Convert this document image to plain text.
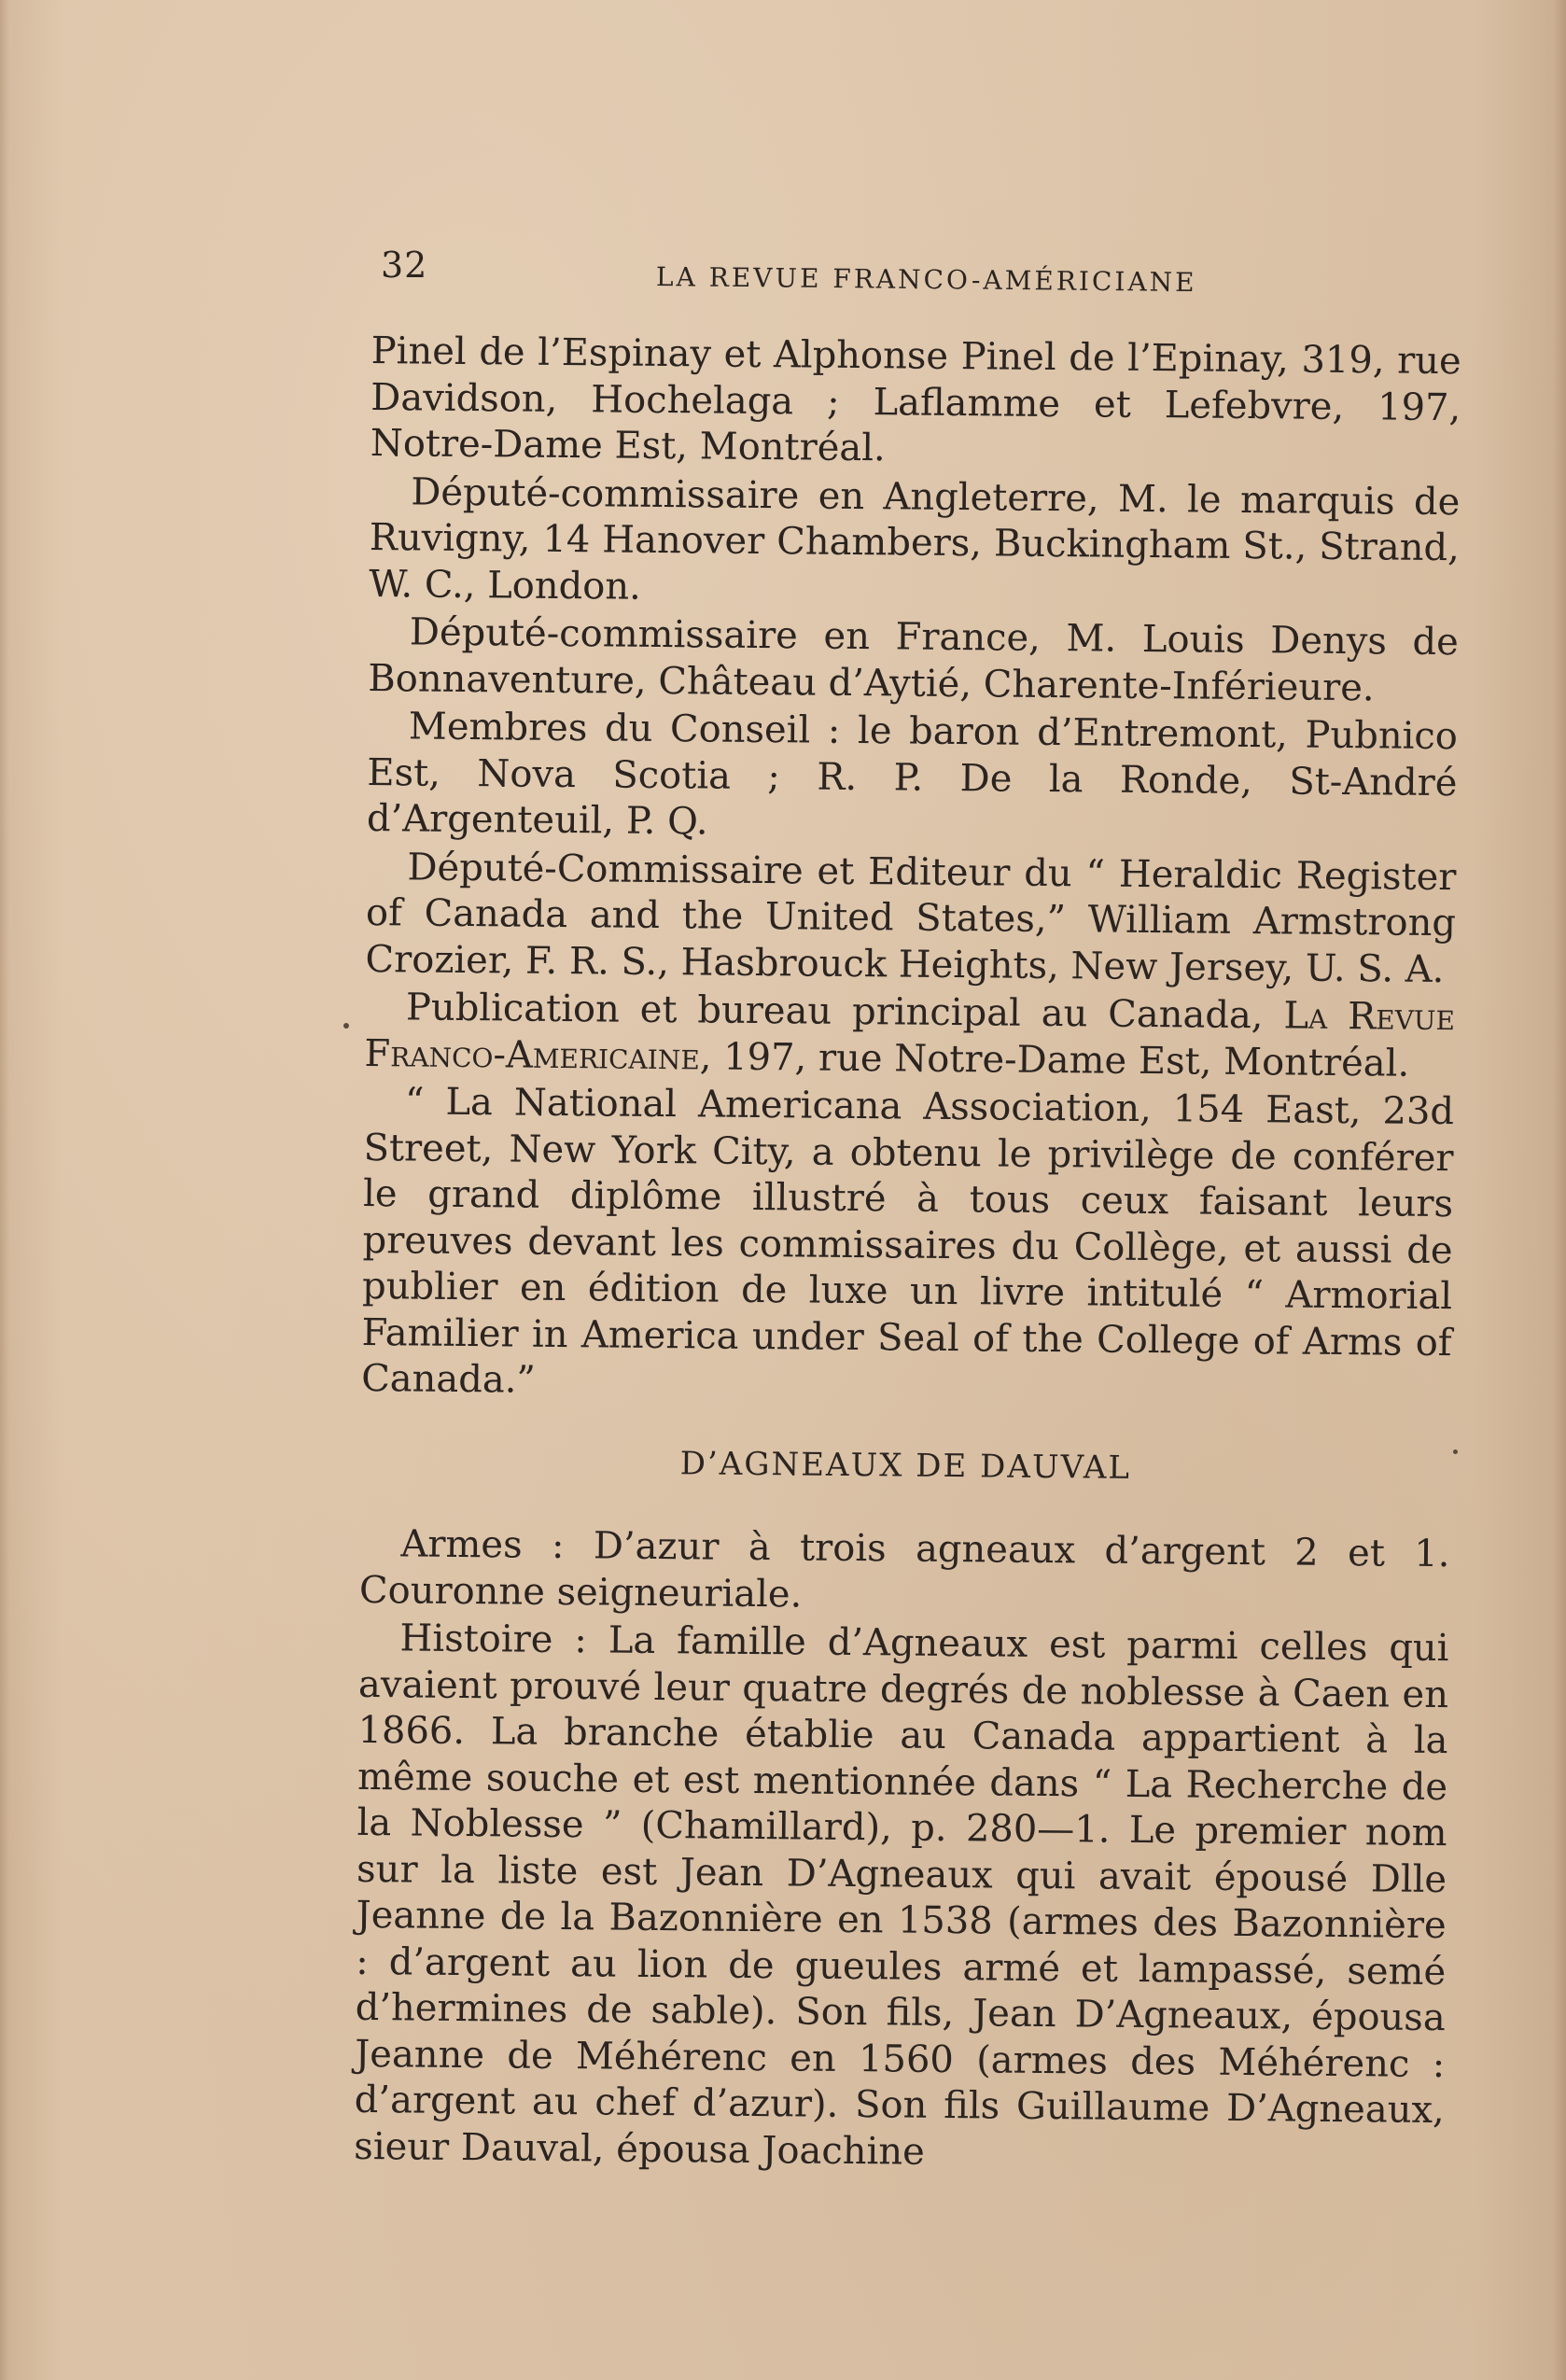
32	LA REVUE FRANCO-AMÉRICIANE

Pinel de l’Espinay et Alphonse Pinel de l’Epinay, 319, rue Davidson, Hochelaga ; Laflamme et Lefebvre, 197, Notre-Dame Est, Montréal.

Député-commissaire en Angleterre, M. le marquis de Ruvigny, 14 Hanover Chambers, Buckingham St., Strand, W. C., London.

Député-commissaire en France, M. Louis Denys de Bonnaventure, Château d’Aytié, Charente-Inférieure.

Membres du Conseil : le baron d’Entremont, Pubnico Est, Nova Scotia ; R. P. De la Ronde, St-André d’Argenteuil, P. Q.

Député-Commissaire et Editeur du “ Heraldic Register of Canada and the United States,” William Armstrong Crozier, F. R. S., Hasbrouck Heights, New Jersey, U. S. A.

Publication et bureau principal au Canada, La Revue Franco-Americaine, 197, rue Notre-Dame Est, Montréal.

“ La National Americana Association, 154 East, 23d Street, New York City, a obtenu le privilège de conférer le grand diplôme illustré à tous ceux faisant leurs preuves devant les commissaires du Collège, et aussi de publier en édition de luxe un livre intitulé “ Armorial Familier in America under Seal of the College of Arms of Canada.”

D’AGNEAUX DE DAUVAL

Armes : D’azur à trois agneaux d’argent 2 et 1. Couronne seigneuriale.

Histoire : La famille d’Agneaux est parmi celles qui avaient prouvé leur quatre degrés de noblesse à Caen en 1866. La branche établie au Canada appartient à la même souche et est mentionnée dans “ La Recherche de la Noblesse ” (Chamillard), p. 280—1. Le premier nom sur la liste est Jean D’Agneaux qui avait épousé Dlle Jeanne de la Bazonnière en 1538 (armes des Bazonnière : d’argent au lion de gueules armé et lampassé, semé d’hermines de sable). Son fils, Jean D’Agneaux, épousa Jeanne de Méhérenc en 1560 (armes des Méhérenc : d’argent au chef d’azur). Son fils Guillaume D’Agneaux, sieur Dauval, épousa Joachine
